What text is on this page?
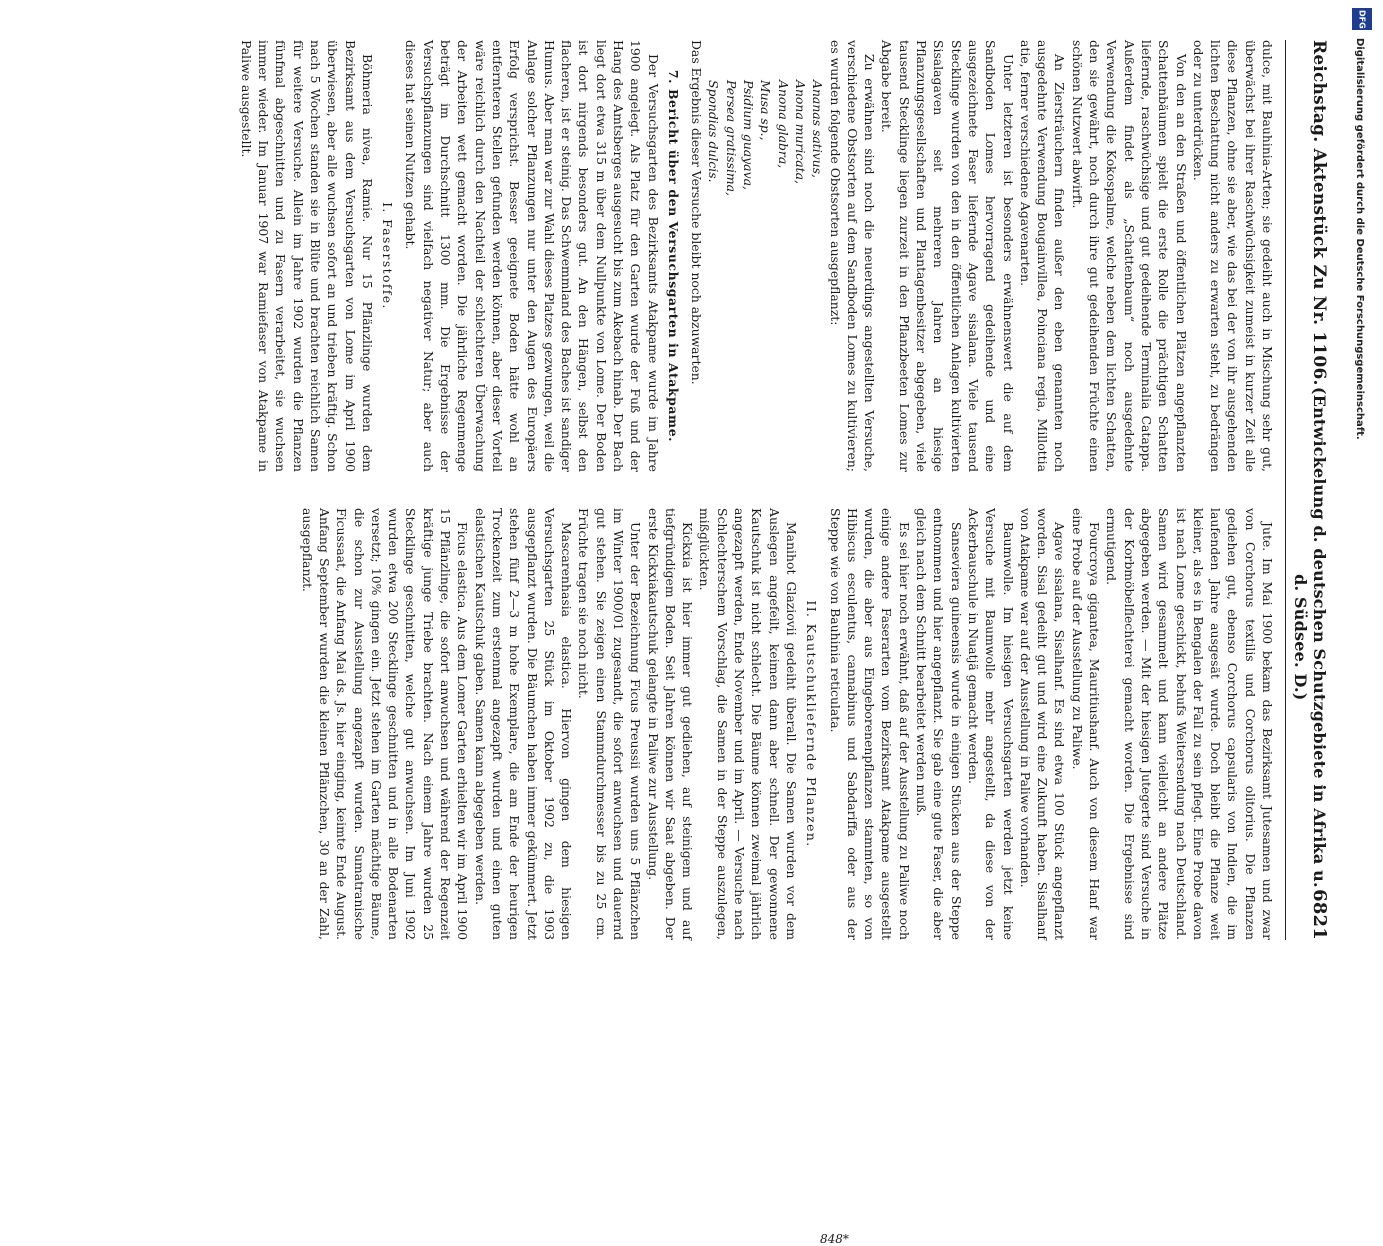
Reichstag. Aktenstück Zu Nr. 1106.
(Entwickelung d. deutschen Schutzgebiete in Afrika u. d. Südsee. D.)
6821

dulce, mit Bauhinia-Arten; sie gedeiht auch in Mischung sehr gut, überwächst bei ihrer Raschwüchsigkeit zumeist in kurzer Zeit alle diese Pflanzen, ohne sie aber, wie das bei der von ihr ausgehenden lichten Beschattung nicht anders zu erwarten steht, zu bedrängen oder zu unterdrücken.

Von den an den Straßen und öffentlichen Plätzen angepflanzten Schattenbäumen spielt die erste Rolle die prächtigen Schatten liefernde, raschwüchsige und gut gedeihende Terminalia Catappa. Außerdem findet als „Schattenbaum“ noch ausgedehnte Verwendung die Kokospalme, welche neben dem lichten Schatten, den sie gewährt, noch durch ihre gut gedeihenden Früchte einen schönen Nutzwert abwirft.

An Ziersträuchern finden außer den eben genannten noch ausgedehnte Verwendung Bougainvillea, Poinciana regia, Millottia atie, ferner verschiedene Agavenarten.

Unter letzteren ist besonders erwähnenswert die auf dem Sandboden Lomes hervorragend gedeihende und eine ausgezeichnete Faser liefernde Agave sisalana. Viele tausend Stecklinge wurden von den in den öffentlichen Anlagen kultivierten Sisalagaven seit mehreren Jahren an hiesige Pflanzungsgesellschaften und Plantagenbesitzer abgegeben, viele tausend Stecklinge liegen zurzeit in den Pflanzbeeten Lomes zur Abgabe bereit.

Zu erwähnen sind noch die neuerdings angestellten Versuche, verschiedene Obstsorten auf dem Sandboden Lomes zu kultivieren; es wurden folgende Obstsorten ausgepflanzt:

Ananas sativus,
Anona muricata,
Anona glabra,
Musa sp.,
Psidium guayava,
Persea gratissima,
Spondias dulcis.

Das Ergebnis dieser Versuche bleibt noch abzuwarten.

7. Bericht über den Versuchsgarten in Atakpame.

Der Versuchsgarten des Bezirksamts Atakpame wurde im Jahre 1900 angelegt. Als Platz für den Garten wurde der Fuß und der Hang des Amtsberges ausgesucht bis zum Akebach hinab. Der Bach liegt dort etwa 315 m über dem Nullpunkte von Lome. Der Boden ist dort nirgends besonders gut. An den Hängen, selbst den flacheren, ist er steinig. Das Schwemmland des Baches ist sandiger Humus. Aber man war zur Wahl dieses Platzes gezwungen, weil die Anlage solcher Pflanzungen nur unter den Augen des Europäers Erfolg versprichst. Besser geeignete Boden hätte wohl an entfernteren Stellen gefunden werden können, aber dieser Vorteil wäre reichlich durch den Nachteil der schlechteren Überwachung der Arbeiten wett gemacht worden. Die jährliche Regenmenge beträgt im Durchschnitt 1300 mm. Die Ergebnisse der Versuchspflanzungen sind vielfach negativer Natur; aber auch dieses hat seinen Nutzen gehabt.

I. Faserstoffe.

Böhmeria nivea, Ramie. Nur 15 Pflänzlinge wurden dem Bezirksamt aus dem Versuchsgarten von Lome im April 1900 überwiesen, aber alle wuchsen sofort an und trieben kräftig. Schon nach 5 Wochen standen sie in Blüte und brachten reichlich Samen für weitere Versuche. Allein im Jahre 1902 wurden die Pflanzen fünfmal abgeschnitten und zu Fasern verarbeitet, sie wuchsen immer wieder. Im Januar 1907 war Ramiefaser von Atakpame in Paliwe ausgestellt.

Jute. Im Mai 1900 bekam das Bezirksamt Jutesamen und zwar von Corchorus textilis und Corchorus olitorius. Die Pflanzen gediehen gut, ebenso Corchorus capsularis von Indien, die im laufenden Jahre ausgesät wurde. Doch bleibt die Pflanze weit kleiner, als es in Bengalen der Fall zu sein pflegt. Eine Probe davon ist nach Lome geschickt, behufs Weitersendung nach Deutschland. Samen wird gesammelt und kann vielleicht an andere Plätze abgegeben werden. — Mit der hiesigen Jutegerte sind Versuche in der Korbmöbelflechterei gemacht worden. Die Ergebnisse sind ermutigend.

Fourcroya gigantea, Mauritiushanf. Auch von diesem Hanf war eine Probe auf der Ausstellung zu Paliwe.

Agave sisalana, Sisalhanf. Es sind etwa 100 Stück angepflanzt worden. Sisal gedeiht gut und wird eine Zukunft haben. Sisalhanf von Atakpame war auf der Ausstellung in Paliwe vorhanden.

Baumwolle. Im hiesigen Versuchsgarten werden jetzt keine Versuche mit Baumwolle mehr angestellt, da diese von der Ackerbauschule in Nuatjä gemacht werden.

Sanseviera guineensis wurde in einigen Stücken aus der Steppe entnommen und hier angepflanzt. Sie gab eine gute Faser, die aber gleich nach dem Schnitt bearbeitet werden muß.

Es sei hier noch erwähnt, daß auf der Ausstellung zu Paliwe noch einige andere Faserarten vom Bezirksamt Atakpame ausgestellt wurden, die aber aus Eingeborenenpflanzen stammten, so von Hibiscus esculentus, cannabinus und Sabdariffa oder aus der Steppe wie von Bauhinia reticulata.

II. Kautschukliefernde Pflanzen.

Manihot Glaziovii gedeiht überall. Die Samen wurden vor dem Auslegen angefeilt, keimen dann aber schnell. Der gewonnene Kautschuk ist nicht schlecht. Die Bäume können zweimal jährlich angezapft werden, Ende November und im April. — Versuche nach Schlechterschem Vorschlag, die Samen in der Steppe auszulegen, mißglückten.

Kickxia ist hier immer gut gediehen, auf steinigem und auf tiefgründigem Boden. Seit Jahren können wir Saat abgeben. Der erste Kickxiakautschuk gelangte in Paliwe zur Ausstellung.

Unter der Bezeichnung Ficus Preussii wurden uns 5 Pflänzchen im Winter 1900/01 zugesandt, die sofort anwuchsen und dauernd gut stehen. Sie zeigen einen Stammdurchmesser bis zu 25 cm. Früchte tragen sie noch nicht.

Mascarenhasia elastica. Hiervon gingen dem hiesigen Versuchsgarten 25 Stück im Oktober 1902 zu, die 1903 ausgepflanzt wurden. Die Bäumchen haben immer gekümmert. Jetzt stehen fünf 2—3 m hohe Exemplare, die am Ende der heurigen Trockenzeit zum erstenmal angezapft wurden und einen guten elastischen Kautschuk gaben. Samen kann abgegeben werden.

Ficus elastica. Aus dem Lomer Garten erhielten wir im April 1900 15 Pflänzlinge, die sofort anwuchsen und während der Regenzeit kräftige junge Triebe brachten. Nach einem Jahre wurden 25 Stecklinge geschnitten, welche gut anwuchsen. Im Juni 1902 wurden etwa 200 Stecklinge geschnitten und in alle Bodenarten versetzt; 10% gingen ein. Jetzt stehen im Garten mächtige Bäume, die schon zur Ausstellung angezapft wurden. Sumatranische Ficussaat, die Anfang Mai ds. Js. hier einging, keimte Ende August. Anfang September wurden die kleinen Pflänzchen, 30 an der Zahl, ausgepflanzt.

848*
DFG
Digitalisierung gefördert durch die Deutsche Forschungsgemeinschaft.
